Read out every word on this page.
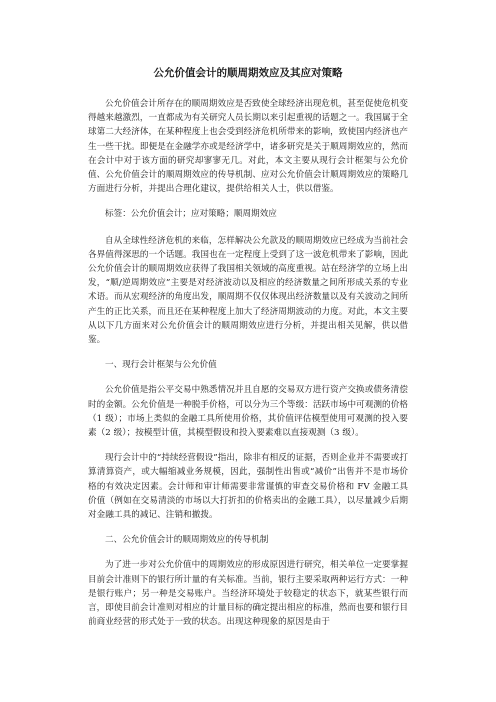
公允价值会计的顺周期效应及其应对策略

公允价值会计所存在的顺周期效应是否致使全球经济出现危机，甚至促使危机变得越来越激烈，一直都成为有关研究人员长期以来引起重视的话题之一。我国属于全球第二大经济体，在某种程度上也会受到经济危机所带来的影响，致使国内经济也产生一些干扰。即便是在金融学亦或是经济学中，诸多研究是关于顺周期效应的，然而在会计中对于该方面的研究却寥寥无几。对此，本文主要从现行会计框架与公允价值、公允价值会计的顺周期效应的传导机制、应对公允价值会计顺周期效应的策略几方面进行分析，并提出合理化建议，提供给相关人士，供以借鉴。

标签：公允价值会计；应对策略；顺周期效应

自从全球性经济危机的来临，怎样解决公允款及的顺周期效应已经成为当前社会各界值得深思的一个话题。我国也在一定程度上受到了这一波危机带来了影响，因此公允价值会计的顺周期效应获得了我国相关领域的高度重视。站在经济学的立场上出发，“顺/逆周期效应”主要是对经济波动以及相应的经济数量之间所形成关系的专业术语。而从宏观经济的角度出发，顺周期不仅仅体现出经济数量以及有关波动之间所产生的正比关系，而且还在某种程度上加大了经济周期波动的力度。对此，本文主要从以下几方面来对公允价值会计的顺周期效应进行分析，并提出相关见解，供以借鉴。

一、现行会计框架与公允价值

公允价值是指公平交易中熟悉情况并且自愿的交易双方进行资产交换或债务清偿时的金额。公允价值是一种脱手价格，可以分为三个等级：活跃市场中可观测的价格（1 级）；市场上类似的金融工具所使用价格，其价值评估模型使用可观测的投入要素（2 级）；按模型计值，其模型假设和投入要素难以直接观测（3 级）。

现行会计中的“持续经营假设”指出，除非有相反的证据，否则企业并不需要或打算清算资产，或大幅缩减业务规模，因此，强制性出售或“减价”出售并不是市场价格的有效决定因素。会计师和审计师需要非常谨慎的审查交易价格和 FV 金融工具价值（例如在交易清淡的市场以大打折扣的价格卖出的金融工具），以尽量减少后期对金融工具的减记、注销和撤拨。

二、公允价值会计的顺周期效应的传导机制

为了进一步对公允价值中的周期效应的形成原因进行研究，相关单位一定要掌握目前会计准则下的银行所计量的有关标准。当前，银行主要采取两种运行方式：一种是银行账户；另一种是交易账户。当经济环境处于较稳定的状态下，就某些银行而言，即使目前会计准则对相应的计量目标的确定提出相应的标准，然而也要和银行目前商业经营的形式处于一致的状态。出现这种现象的原因是由于
